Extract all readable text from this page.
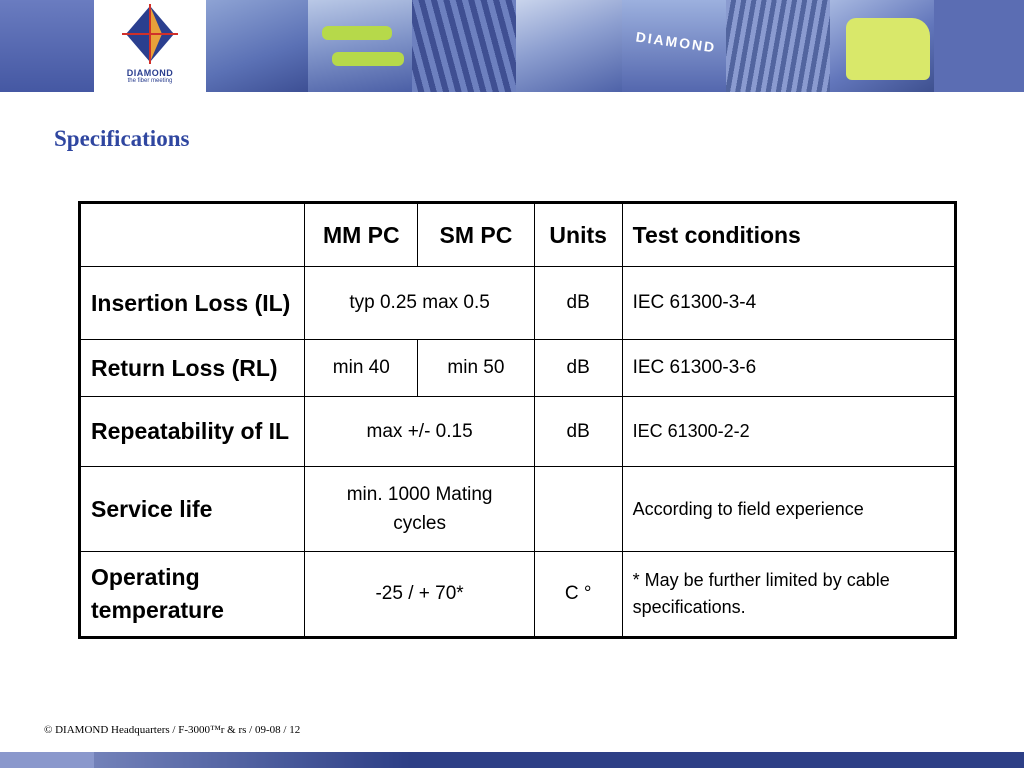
DIAMOND
the fiber meeting
DIAMOND
Specifications
	MM PC	SM PC	Units	Test conditions
Insertion Loss (IL)	typ 0.25 max 0.5		dB	IEC 61300-3-4
Return Loss (RL)	min 40	min 50	dB	IEC 61300-3-6
Repeatability of IL	max +/- 0.15		dB	IEC 61300-2-2
Service life	min. 1000 Mating cycles			According to field experience
Operating temperature	-25 / + 70*		C °	* May be further limited by cable specifications.
© DIAMOND Headquarters / F-3000™r & rs / 09-08 / 12
